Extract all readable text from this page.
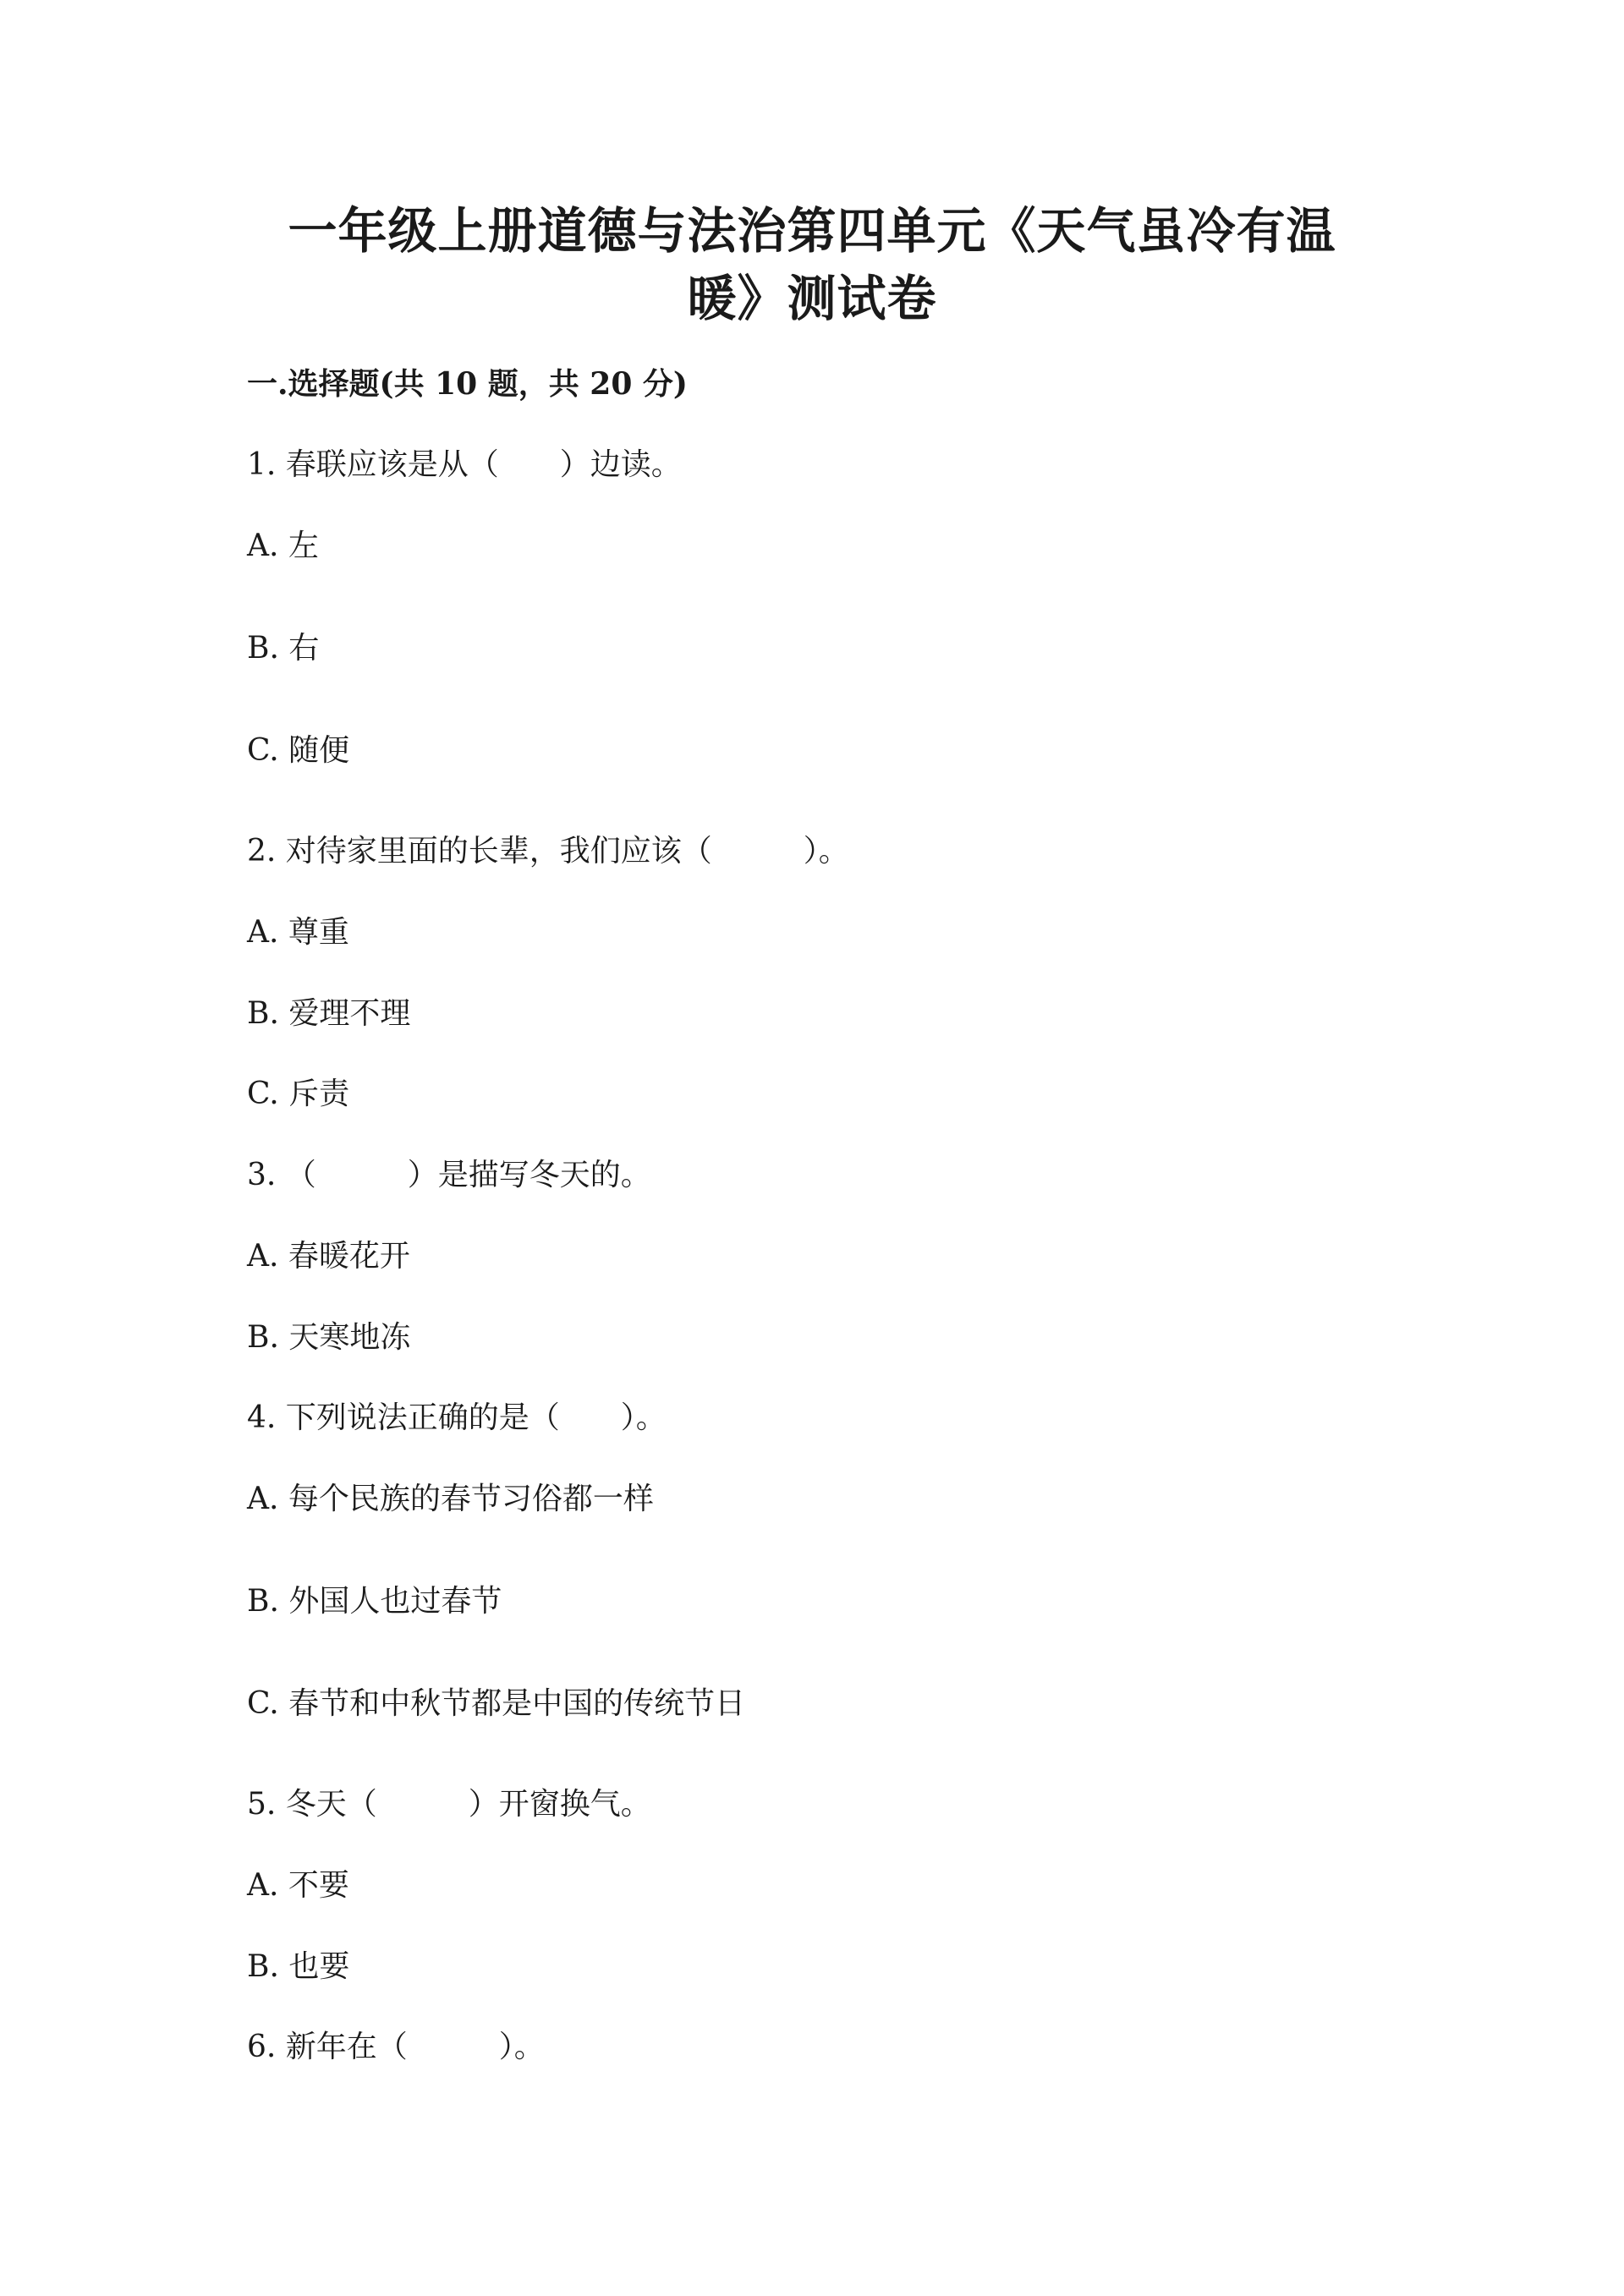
一年级上册道德与法治第四单元《天气虽冷有温
暖》测试卷
一.选择题(共 10 题，共 20 分)
1. 春联应该是从（　　）边读。
A. 左
B. 右
C. 随便
2. 对待家里面的长辈，我们应该（　　　）。
A. 尊重
B. 爱理不理
C. 斥责
3. （　　　）是描写冬天的。
A. 春暖花开
B. 天寒地冻
4. 下列说法正确的是（　　）。
A. 每个民族的春节习俗都一样
B. 外国人也过春节
C. 春节和中秋节都是中国的传统节日
5. 冬天（　　　）开窗换气。
A. 不要
B. 也要
6. 新年在（　　　）。
